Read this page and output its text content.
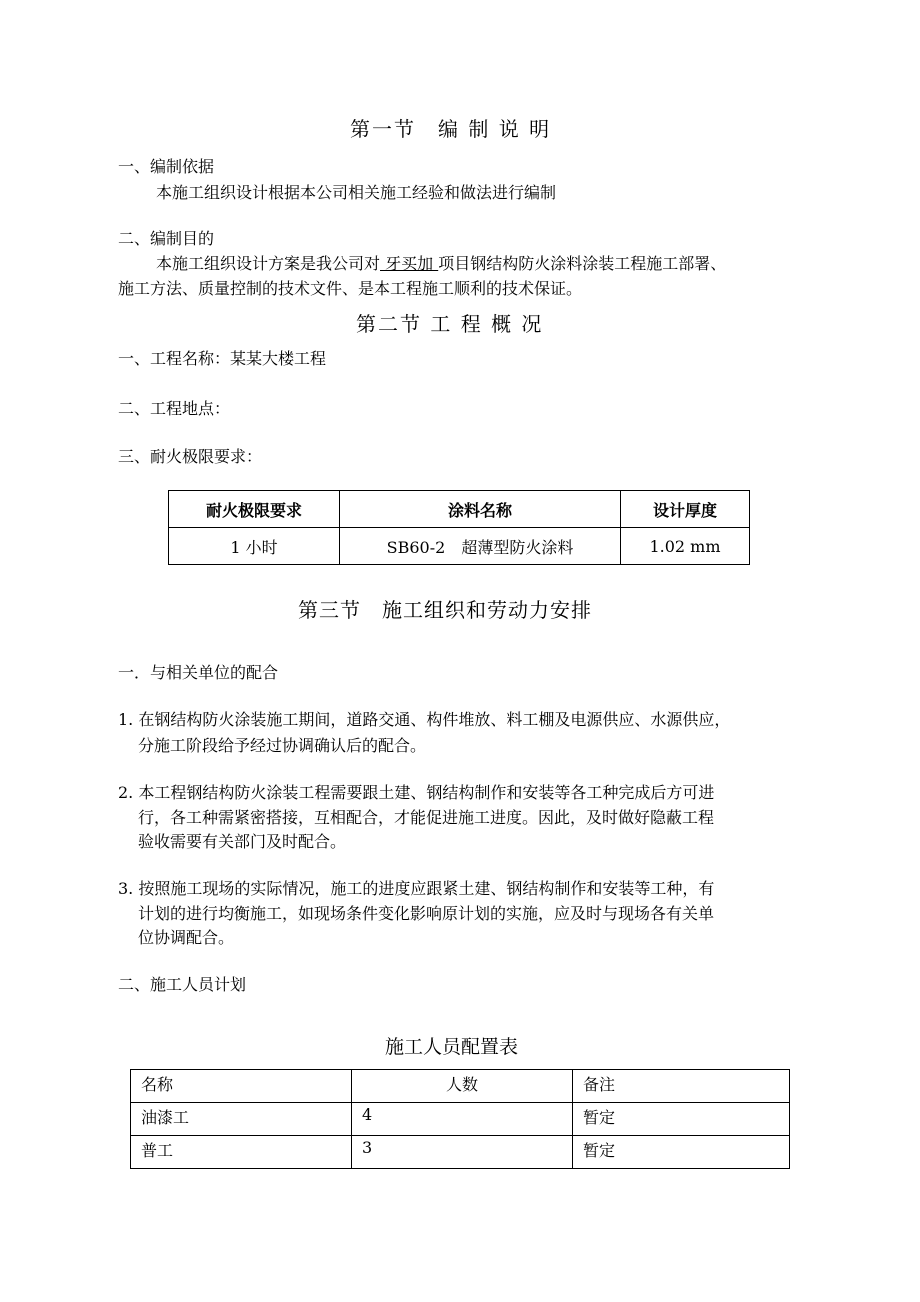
第一节　编 制 说 明
一、编制依据
本施工组织设计根据本公司相关施工经验和做法进行编制
二、编制目的
本施工组织设计方案是我公司对 牙买加 项目钢结构防火涂料涂装工程施工部署、
施工方法、质量控制的技术文件、是本工程施工顺利的技术保证。
第二节 工 程 概 况
一、工程名称：某某大楼工程
二、工程地点：
三、耐火极限要求：
耐火极限要求	涂料名称	设计厚度
1 小时	SB60-2　超薄型防火涂料	1.02 mm
第三节　施工组织和劳动力安排
一．与相关单位的配合
1. 在钢结构防火涂装施工期间，道路交通、构件堆放、料工棚及电源供应、水源供应，
分施工阶段给予经过协调确认后的配合。
2. 本工程钢结构防火涂装工程需要跟土建、钢结构制作和安装等各工种完成后方可进
行，各工种需紧密搭接，互相配合，才能促进施工进度。因此，及时做好隐蔽工程
验收需要有关部门及时配合。
3. 按照施工现场的实际情况，施工的进度应跟紧土建、钢结构制作和安装等工种，有
计划的进行均衡施工，如现场条件变化影响原计划的实施，应及时与现场各有关单
位协调配合。
二、施工人员计划
施工人员配置表
名称	人数	备注

油漆工	4	暂定

普工	3	暂定
